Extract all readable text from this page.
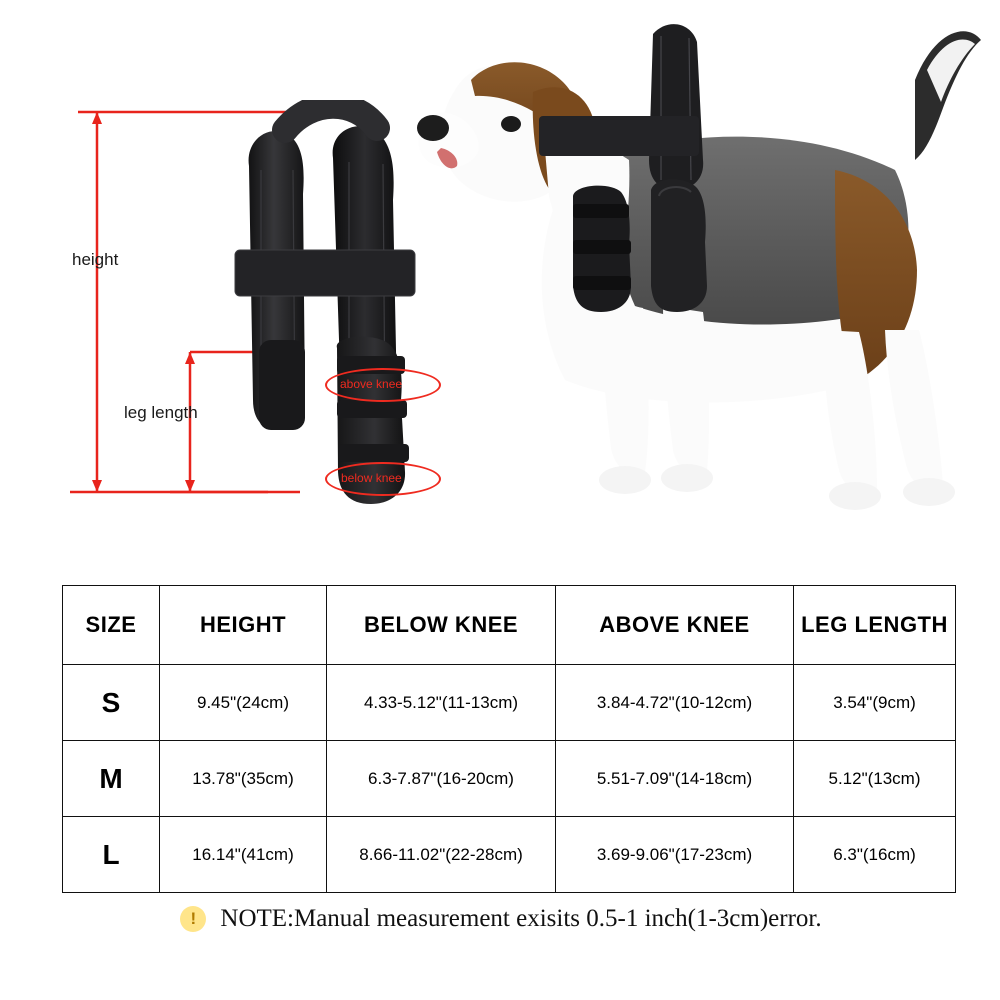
height
leg length
above knee
below knee
SIZE	HEIGHT	BELOW KNEE	ABOVE KNEE	LEG LENGTH
S	9.45"(24cm)	4.33-5.12"(11-13cm)	3.84-4.72"(10-12cm)	3.54"(9cm)
M	13.78"(35cm)	6.3-7.87"(16-20cm)	5.51-7.09"(14-18cm)	5.12"(13cm)
L	16.14"(41cm)	8.66-11.02"(22-28cm)	3.69-9.06"(17-23cm)	6.3"(16cm)
! NOTE:Manual measurement exisits 0.5-1 inch(1-3cm)error.
